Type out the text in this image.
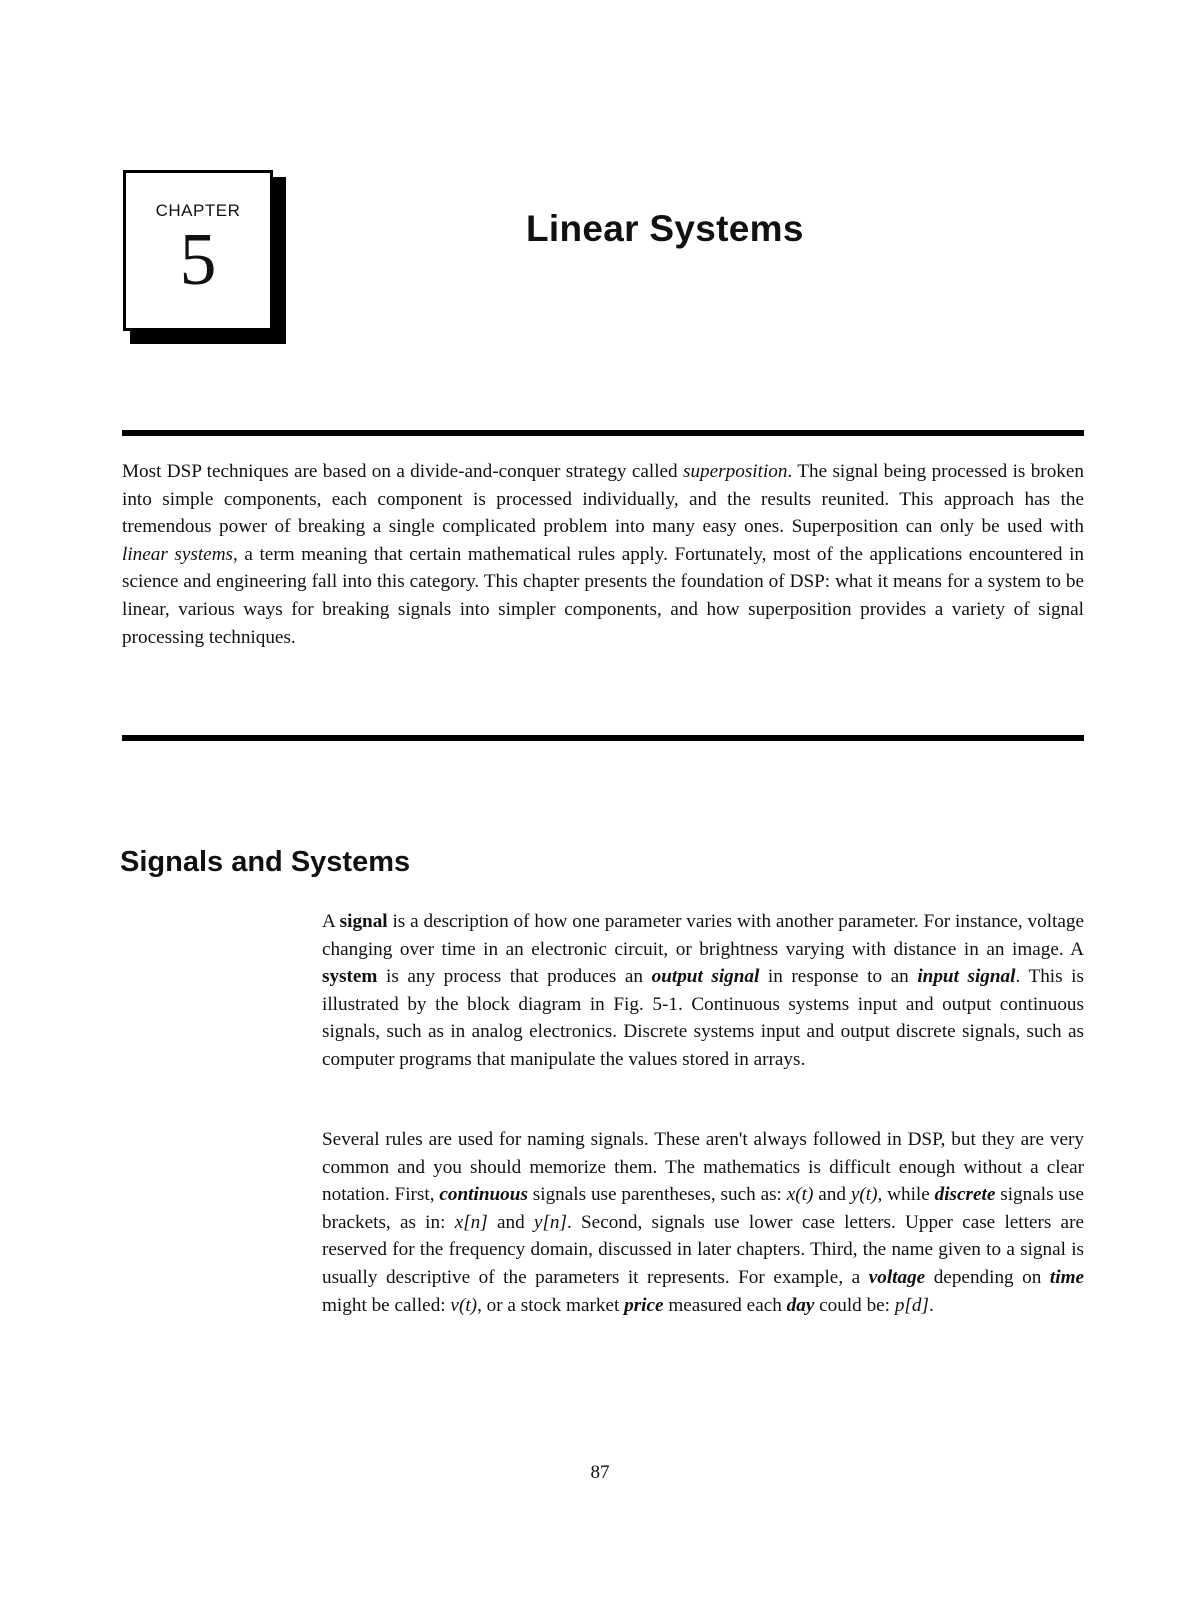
CHAPTER
5	Linear Systems

Most DSP techniques are based on a divide-and-conquer strategy called superposition. The signal being processed is broken into simple components, each component is processed individually, and the results reunited. This approach has the tremendous power of breaking a single complicated problem into many easy ones. Superposition can only be used with linear systems, a term meaning that certain mathematical rules apply. Fortunately, most of the applications encountered in science and engineering fall into this category. This chapter presents the foundation of DSP: what it means for a system to be linear, various ways for breaking signals into simpler components, and how superposition provides a variety of signal processing techniques.

Signals and Systems

A signal is a description of how one parameter varies with another parameter. For instance, voltage changing over time in an electronic circuit, or brightness varying with distance in an image. A system is any process that produces an output signal in response to an input signal. This is illustrated by the block diagram in Fig. 5-1. Continuous systems input and output continuous signals, such as in analog electronics. Discrete systems input and output discrete signals, such as computer programs that manipulate the values stored in arrays.

Several rules are used for naming signals. These aren't always followed in DSP, but they are very common and you should memorize them. The mathematics is difficult enough without a clear notation. First, continuous signals use parentheses, such as: x(t) and y(t), while discrete signals use brackets, as in: x[n] and y[n]. Second, signals use lower case letters. Upper case letters are reserved for the frequency domain, discussed in later chapters. Third, the name given to a signal is usually descriptive of the parameters it represents. For example, a voltage depending on time might be called: v(t), or a stock market price measured each day could be: p[d].

87
